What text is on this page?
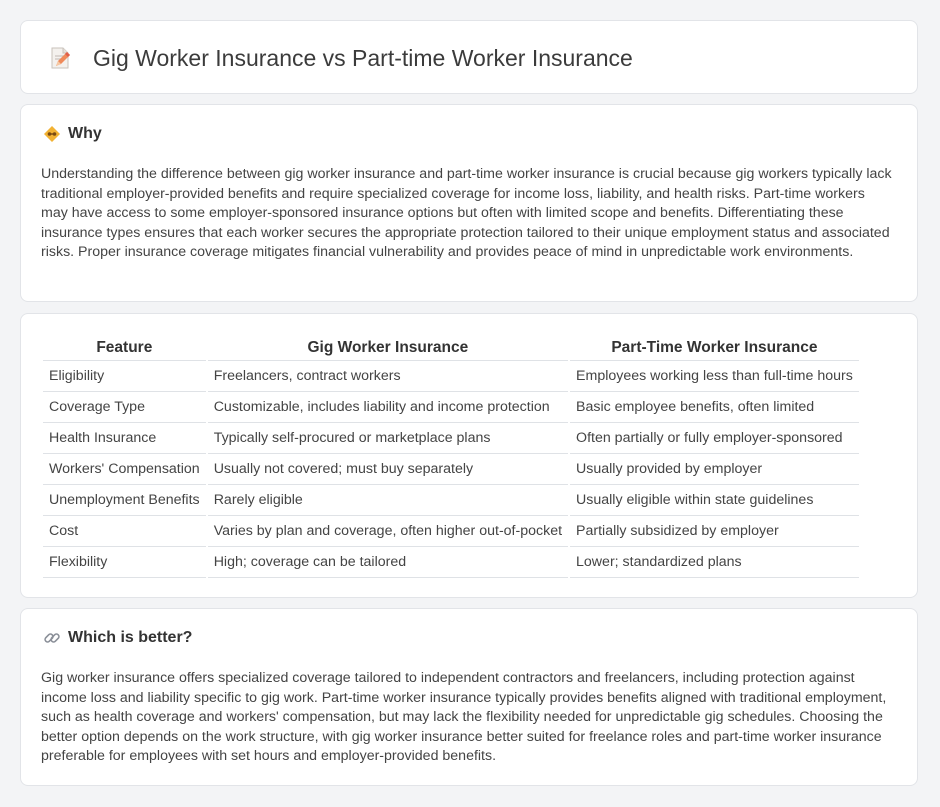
Gig Worker Insurance vs Part-time Worker Insurance
Why

Understanding the difference between gig worker insurance and part-time worker insurance is crucial because gig workers typically lack traditional employer-provided benefits and require specialized coverage for income loss, liability, and health risks. Part-time workers may have access to some employer-sponsored insurance options but often with limited scope and benefits. Differentiating these insurance types ensures that each worker secures the appropriate protection tailored to their unique employment status and associated risks. Proper insurance coverage mitigates financial vulnerability and provides peace of mind in unpredictable work environments.

Feature	Gig Worker Insurance	Part-Time Worker Insurance
Eligibility	Freelancers, contract workers	Employees working less than full-time hours
Coverage Type	Customizable, includes liability and income protection	Basic employee benefits, often limited
Health Insurance	Typically self-procured or marketplace plans	Often partially or fully employer-sponsored
Workers' Compensation	Usually not covered; must buy separately	Usually provided by employer
Unemployment Benefits	Rarely eligible	Usually eligible within state guidelines
Cost	Varies by plan and coverage, often higher out-of-pocket	Partially subsidized by employer
Flexibility	High; coverage can be tailored	Lower; standardized plans
Which is better?

Gig worker insurance offers specialized coverage tailored to independent contractors and freelancers, including protection against income loss and liability specific to gig work. Part-time worker insurance typically provides benefits aligned with traditional employment, such as health coverage and workers' compensation, but may lack the flexibility needed for unpredictable gig schedules. Choosing the better option depends on the work structure, with gig worker insurance better suited for freelance roles and part-time worker insurance preferable for employees with set hours and employer-provided benefits.
